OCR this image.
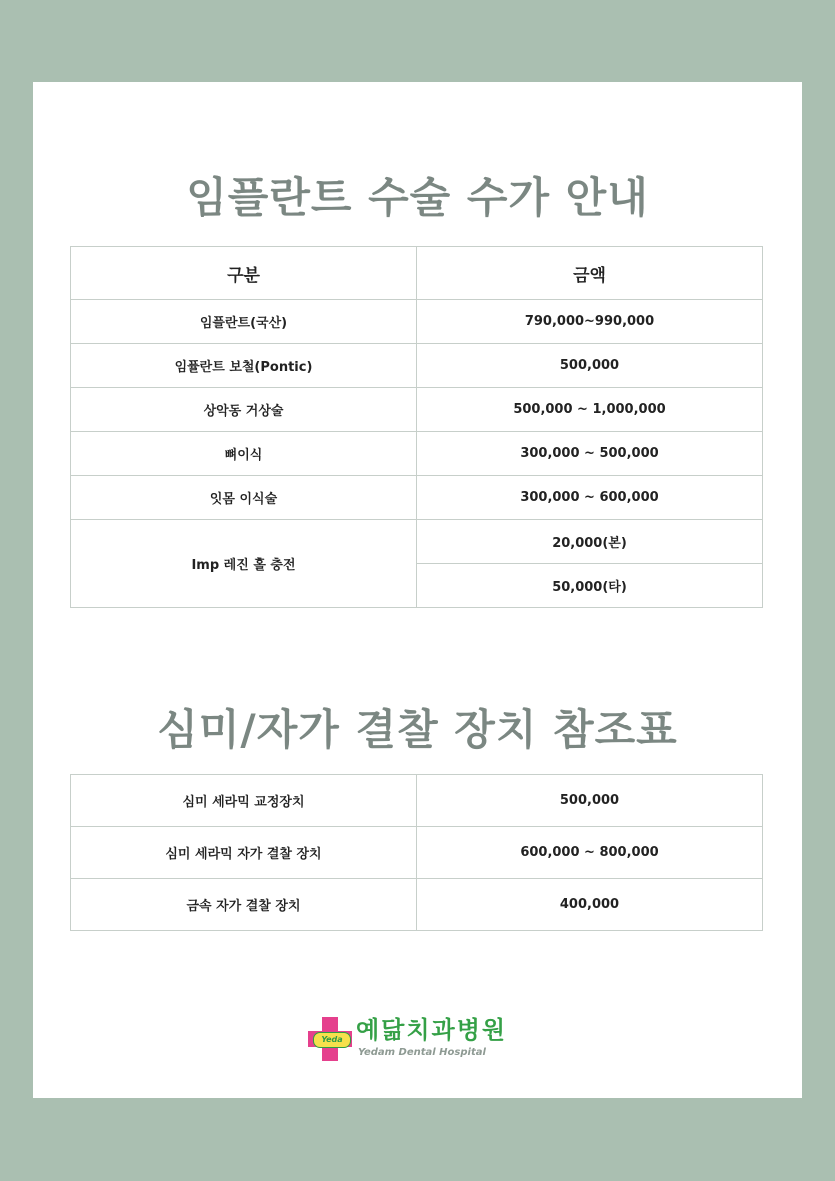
임플란트 수술 수가 안내
구분	금액
임플란트(국산)	790,000~990,000
임퓰란트 보철(Pontic)	500,000
상악동 거상술	500,000 ~ 1,000,000
뼈이식	300,000 ~ 500,000
잇몸 이식술	300,000 ~ 600,000
Imp 레진 홀 충전	20,000(본)
	50,000(타)
심미/자가 결찰 장치 참조표
심미 세라믹 교정장치	500,000
심미 세라믹 자가 결찰 장치	600,000 ~ 800,000
금속 자가 결찰 장치	400,000
Yeda 예닮치과병원
Yedam Dental Hospital
